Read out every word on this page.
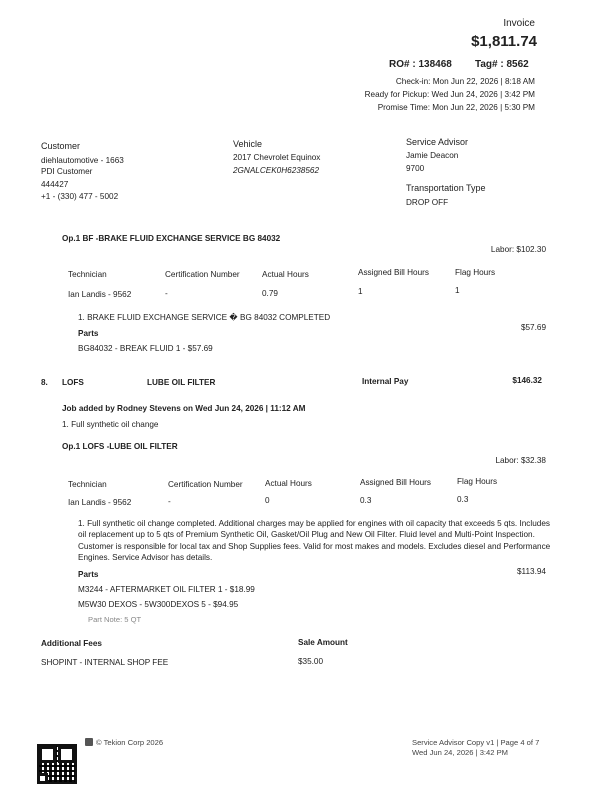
Invoice
$1,811.74
RO# : 138468 Tag# : 8562
Check-in: Mon Jun 22, 2026 | 8:18 AM
Ready for Pickup: Wed Jun 24, 2026 | 3:42 PM
Promise Time: Mon Jun 22, 2026 | 5:30 PM
Customer
diehlautomotive - 1663
PDI Customer
444427
+1 - (330) 477 - 5002
Vehicle
2017 Chevrolet Equinox
2GNALCEK0H6238562
Service Advisor
Jamie Deacon
9700
Transportation Type
DROP OFF
Op.1 BF -BRAKE FLUID EXCHANGE SERVICE BG 84032
Labor: $102.30
Technician	Certification Number	Actual Hours	Assigned Bill Hours	Flag Hours
Ian Landis - 9562	-	0.79	1	1
1. BRAKE FLUID EXCHANGE SERVICE � BG 84032 COMPLETED
Parts
$57.69
BG84032 - BREAK FLUID 1 - $57.69
8. LOFS	LUBE OIL FILTER	Internal Pay	$146.32
Job added by Rodney Stevens on Wed Jun 24, 2026 | 11:12 AM
1. Full synthetic oil change
Op.1 LOFS -LUBE OIL FILTER
Labor: $32.38
Technician	Certification Number	Actual Hours	Assigned Bill Hours	Flag Hours
Ian Landis - 9562	-	0	0.3	0.3
1. Full synthetic oil change completed. Additional charges may be applied for engines with oil capacity that exceeds 5 qts. Includes oil replacement up to 5 qts of Premium Synthetic Oil, Gasket/Oil Plug and New Oil Filter. Fluid level and Multi-Point Inspection. Customer is responsible for local tax and Shop Supplies fees. Valid for most makes and models. Excludes diesel and Performance Engines. Service Advisor has details.
Parts	$113.94
M3244 - AFTERMARKET OIL FILTER 1 - $18.99
M5W30 DEXOS - 5W300DEXOS 5 - $94.95
Part Note: 5 QT
Additional Fees	Sale Amount
SHOPINT - INTERNAL SHOP FEE	$35.00
© Tekion Corp 2026	Service Advisor Copy v1 | Page 4 of 7
Wed Jun 24, 2026 | 3:42 PM
